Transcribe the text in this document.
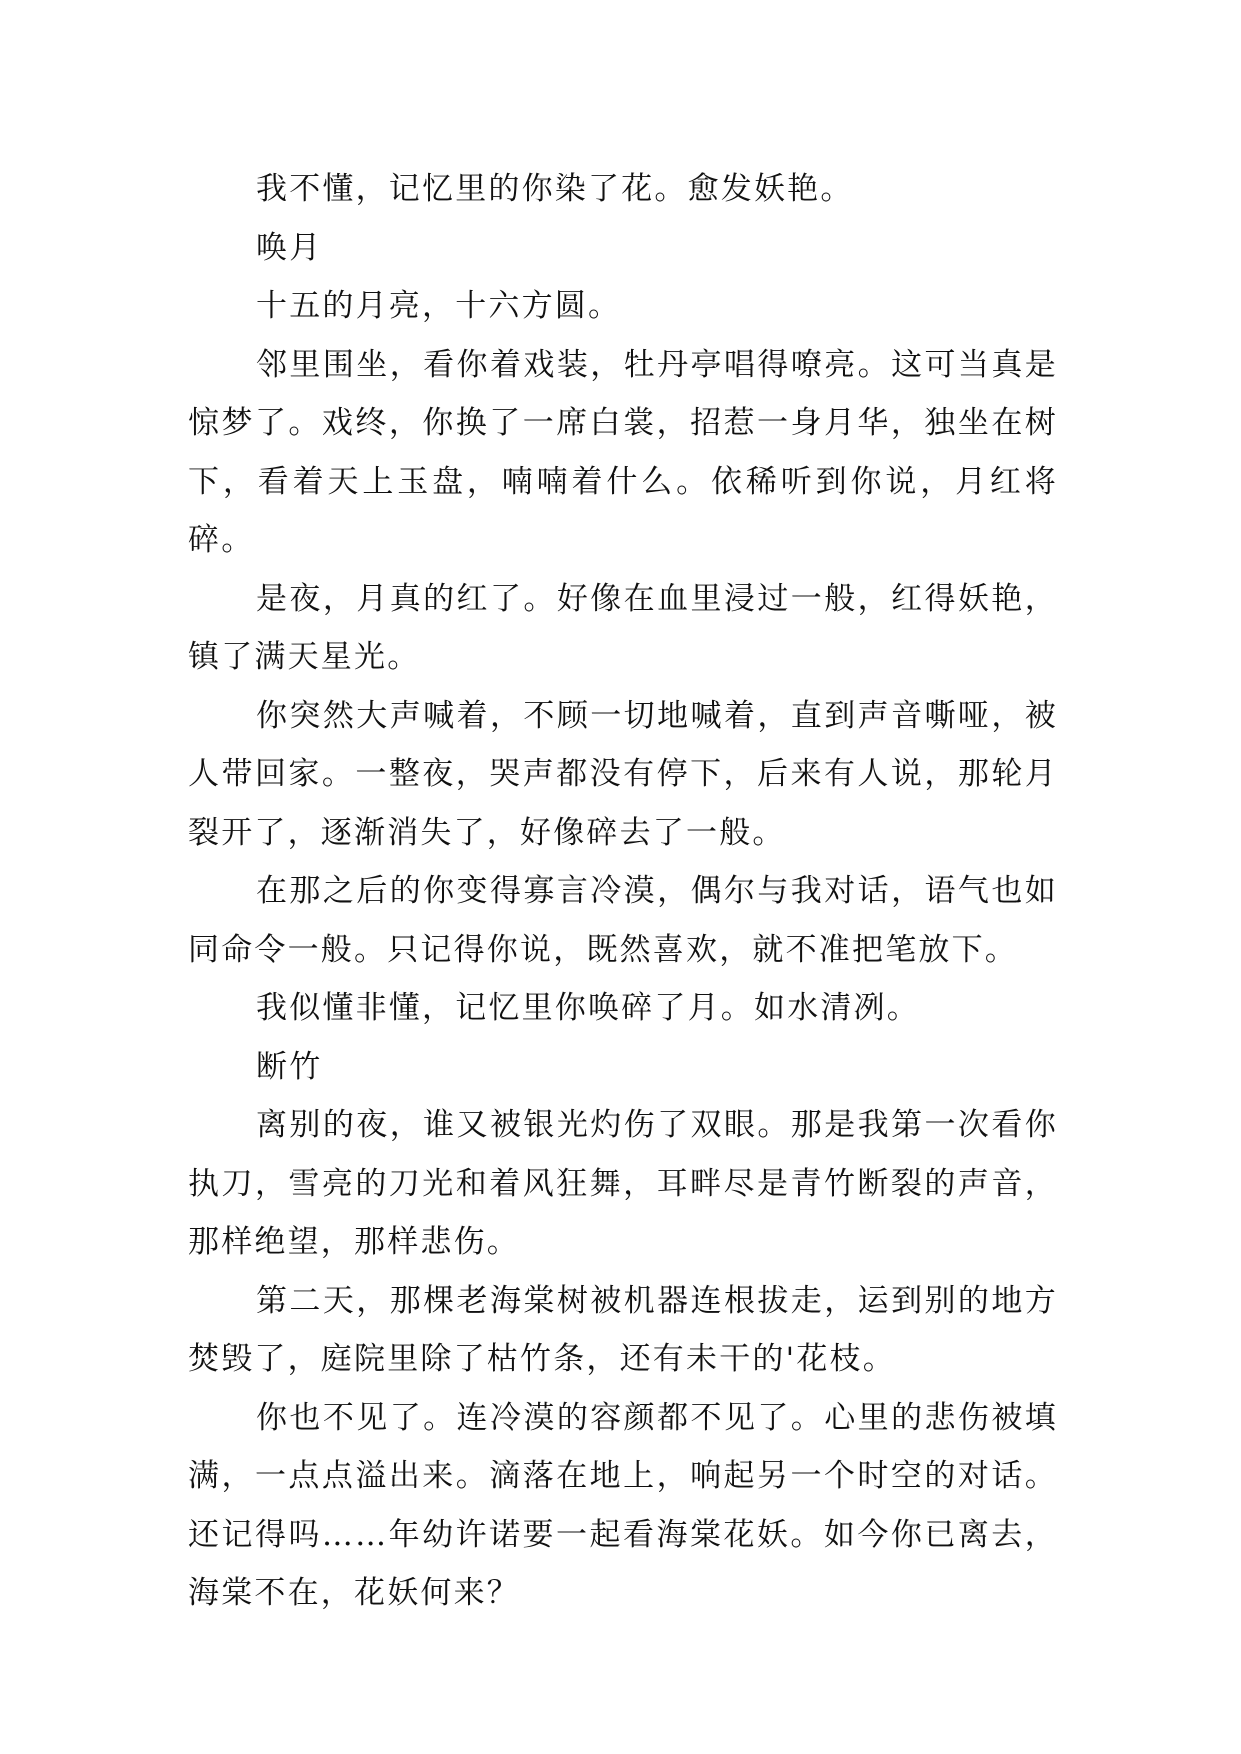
我不懂，记忆里的你染了花。愈发妖艳。

唤月

十五的月亮，十六方圆。

邻里围坐，看你着戏装，牡丹亭唱得嘹亮。这可当真是惊梦了。戏终，你换了一席白裳，招惹一身月华，独坐在树下，看着天上玉盘，喃喃着什么。依稀听到你说，月红将碎。

是夜，月真的红了。好像在血里浸过一般，红得妖艳，镇了满天星光。

你突然大声喊着，不顾一切地喊着，直到声音嘶哑，被人带回家。一整夜，哭声都没有停下，后来有人说，那轮月裂开了，逐渐消失了，好像碎去了一般。

在那之后的你变得寡言冷漠，偶尔与我对话，语气也如同命令一般。只记得你说，既然喜欢，就不准把笔放下。

我似懂非懂，记忆里你唤碎了月。如水清冽。

断竹

离别的夜，谁又被银光灼伤了双眼。那是我第一次看你执刀，雪亮的刀光和着风狂舞，耳畔尽是青竹断裂的声音，那样绝望，那样悲伤。

第二天，那棵老海棠树被机器连根拔走，运到别的地方焚毁了，庭院里除了枯竹条，还有未干的'花枝。

你也不见了。连冷漠的容颜都不见了。心里的悲伤被填满，一点点溢出来。滴落在地上，响起另一个时空的对话。还记得吗……年幼许诺要一起看海棠花妖。如今你已离去，海棠不在，花妖何来？
